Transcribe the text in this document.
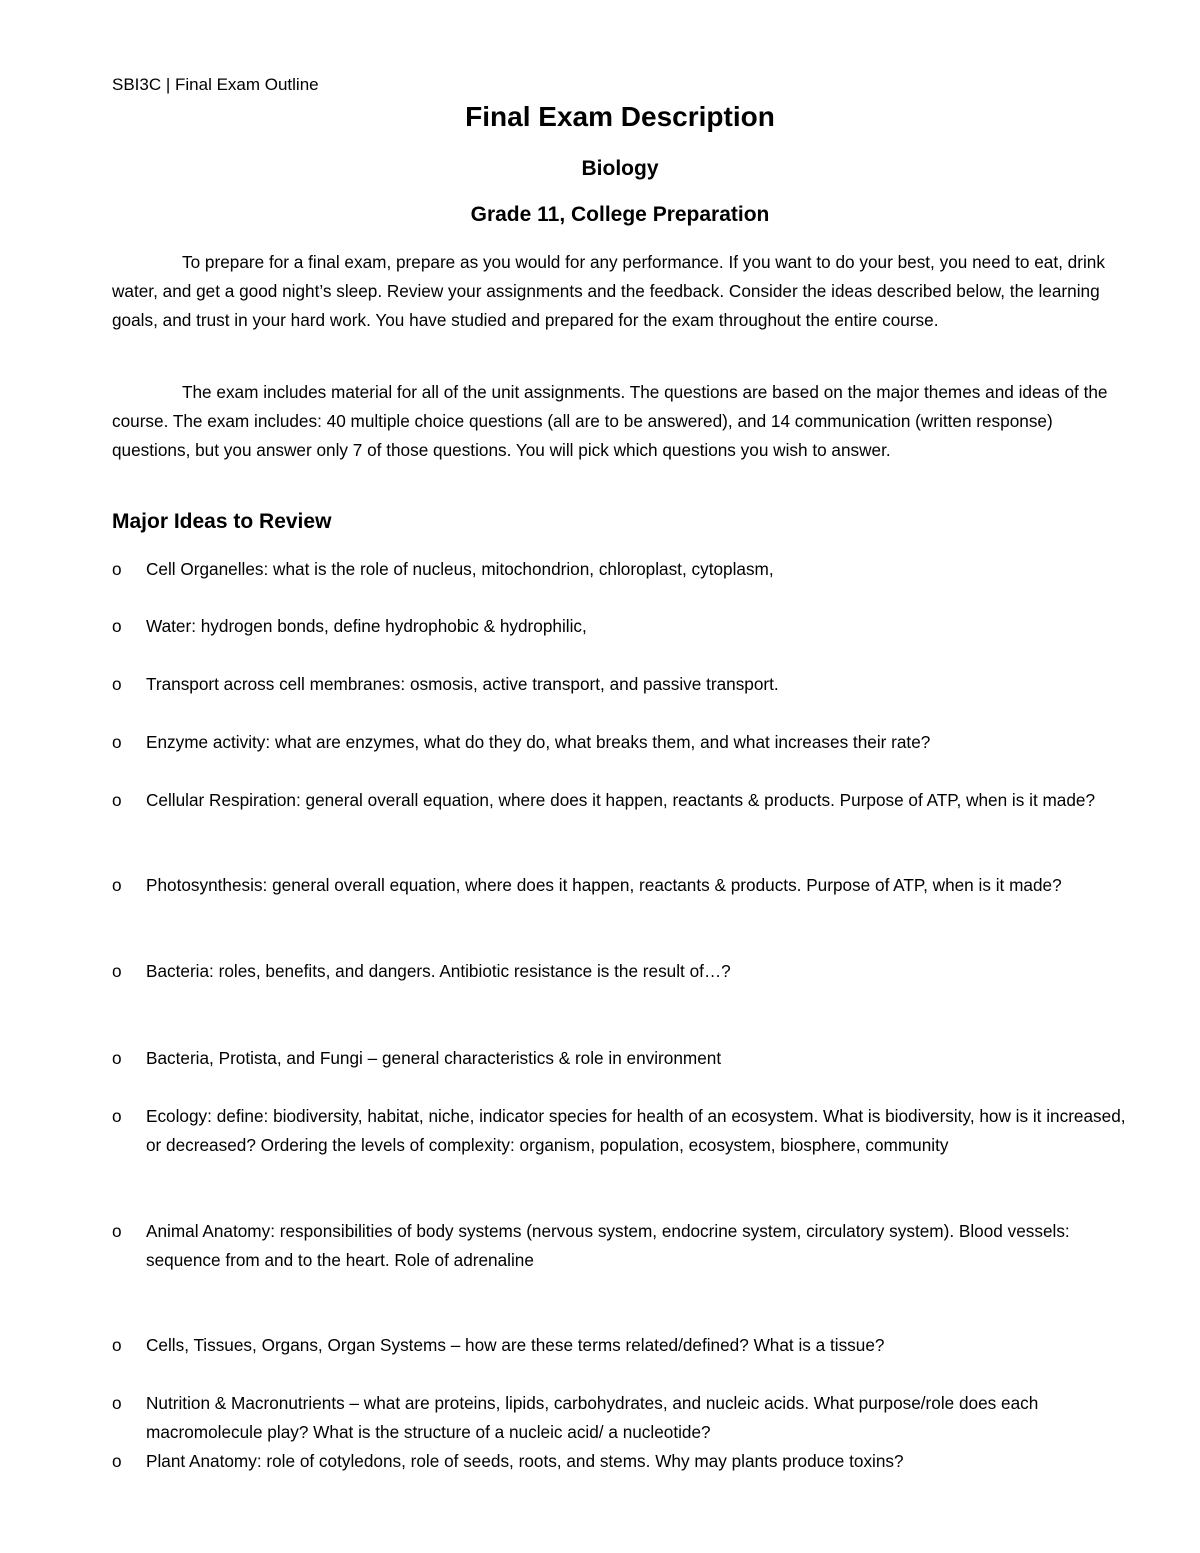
SBI3C | Final Exam Outline
Final Exam Description
Biology
Grade 11, College Preparation
To prepare for a final exam, prepare as you would for any performance. If you want to do your best, you need to eat, drink water, and get a good night’s sleep. Review your assignments and the feedback. Consider the ideas described below, the learning goals, and trust in your hard work. You have studied and prepared for the exam throughout the entire course.
The exam includes material for all of the unit assignments. The questions are based on the major themes and ideas of the course. The exam includes: 40 multiple choice questions (all are to be answered), and 14 communication (written response) questions, but you answer only 7 of those questions. You will pick which questions you wish to answer.
Major Ideas to Review
o	Cell Organelles: what is the role of nucleus, mitochondrion, chloroplast, cytoplasm,
o	Water: hydrogen bonds, define hydrophobic & hydrophilic,
o	Transport across cell membranes: osmosis, active transport, and passive transport.
o	Enzyme activity: what are enzymes, what do they do, what breaks them, and what increases their rate?
o	Cellular Respiration: general overall equation, where does it happen, reactants & products. Purpose of ATP, when is it made?
o	Photosynthesis: general overall equation, where does it happen, reactants & products. Purpose of ATP, when is it made?
o	Bacteria: roles, benefits, and dangers. Antibiotic resistance is the result of…?
o	Bacteria, Protista, and Fungi – general characteristics & role in environment
o	Ecology: define: biodiversity, habitat, niche, indicator species for health of an ecosystem. What is biodiversity, how is it increased, or decreased? Ordering the levels of complexity: organism, population, ecosystem, biosphere, community
o	Animal Anatomy: responsibilities of body systems (nervous system, endocrine system, circulatory system). Blood vessels: sequence from and to the heart. Role of adrenaline
o	Cells, Tissues, Organs, Organ Systems – how are these terms related/defined? What is a tissue?
o	Nutrition & Macronutrients – what are proteins, lipids, carbohydrates, and nucleic acids. What purpose/role does each macromolecule play? What is the structure of a nucleic acid/ a nucleotide?
o	Plant Anatomy: role of cotyledons, role of seeds, roots, and stems. Why may plants produce toxins?
